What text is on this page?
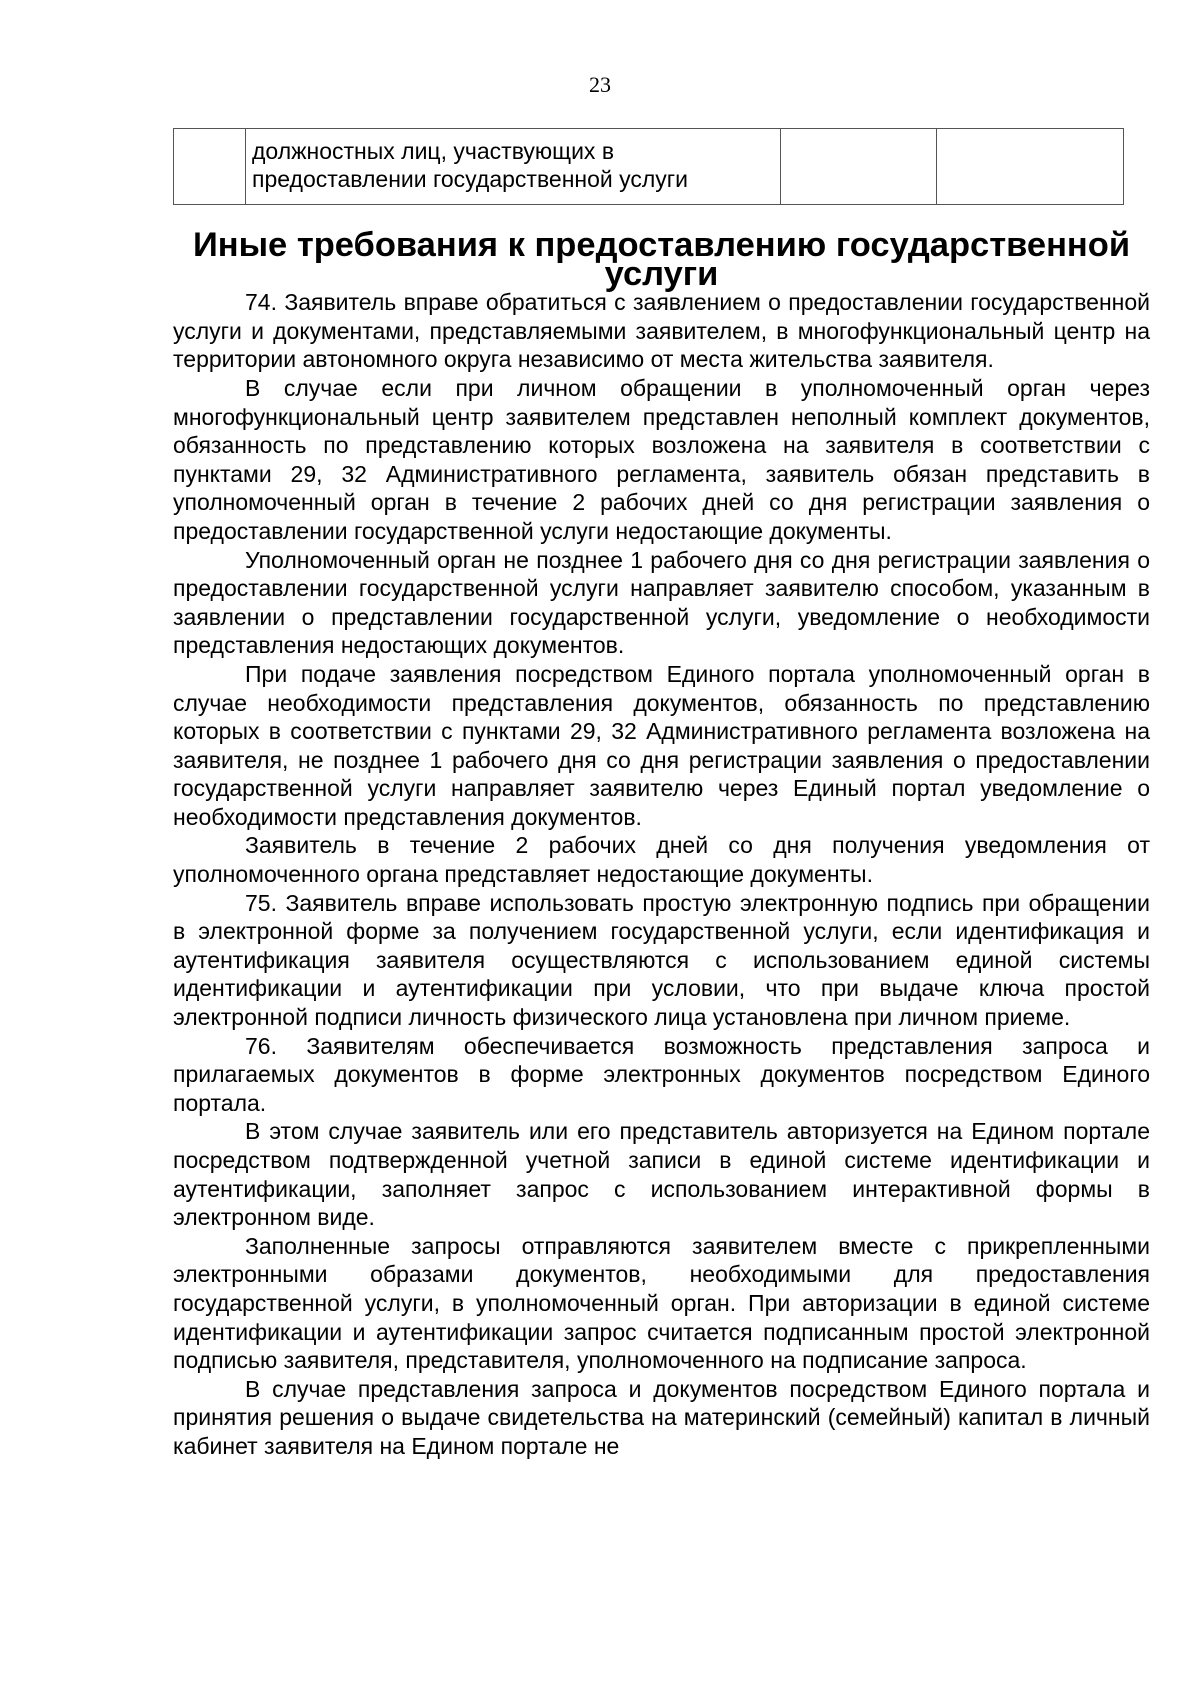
23
	должностных лиц, участвующих в предоставлении государственной услуги		
Иные требования к предоставлению государственной услуги

74. Заявитель вправе обратиться с заявлением о предоставлении государственной услуги и документами, представляемыми заявителем, в многофункциональный центр на территории автономного округа независимо от места жительства заявителя.

В случае если при личном обращении в уполномоченный орган через многофункциональный центр заявителем представлен неполный комплект документов, обязанность по представлению которых возложена на заявителя в соответствии с пунктами 29, 32 Административного регламента, заявитель обязан представить в уполномоченный орган в течение 2 рабочих дней со дня регистрации заявления о предоставлении государственной услуги недостающие документы.

Уполномоченный орган не позднее 1 рабочего дня со дня регистрации заявления о предоставлении государственной услуги направляет заявителю способом, указанным в заявлении о представлении государственной услуги, уведомление о необходимости представления недостающих документов.

При подаче заявления посредством Единого портала уполномоченный орган в случае необходимости представления документов, обязанность по представлению которых в соответствии с пунктами 29, 32 Административного регламента возложена на заявителя, не позднее 1 рабочего дня со дня регистрации заявления о предоставлении государственной услуги направляет заявителю через Единый портал уведомление о необходимости представления документов.

Заявитель в течение 2 рабочих дней со дня получения уведомления от уполномоченного органа представляет недостающие документы.

75. Заявитель вправе использовать простую электронную подпись при обращении в электронной форме за получением государственной услуги, если идентификация и аутентификация заявителя осуществляются с использованием единой системы идентификации и аутентификации при условии, что при выдаче ключа простой электронной подписи личность физического лица установлена при личном приеме.

76. Заявителям обеспечивается возможность представления запроса и прилагаемых документов в форме электронных документов посредством Единого портала.

В этом случае заявитель или его представитель авторизуется на Едином портале посредством подтвержденной учетной записи в единой системе идентификации и аутентификации, заполняет запрос с использованием интерактивной формы в электронном виде.

Заполненные запросы отправляются заявителем вместе с прикрепленными электронными образами документов, необходимыми для предоставления государственной услуги, в уполномоченный орган. При авторизации в единой системе идентификации и аутентификации запрос считается подписанным простой электронной подписью заявителя, представителя, уполномоченного на подписание запроса.

В случае представления запроса и документов посредством Единого портала и принятия решения о выдаче свидетельства на материнский (семейный) капитал в личный кабинет заявителя на Едином портале не
